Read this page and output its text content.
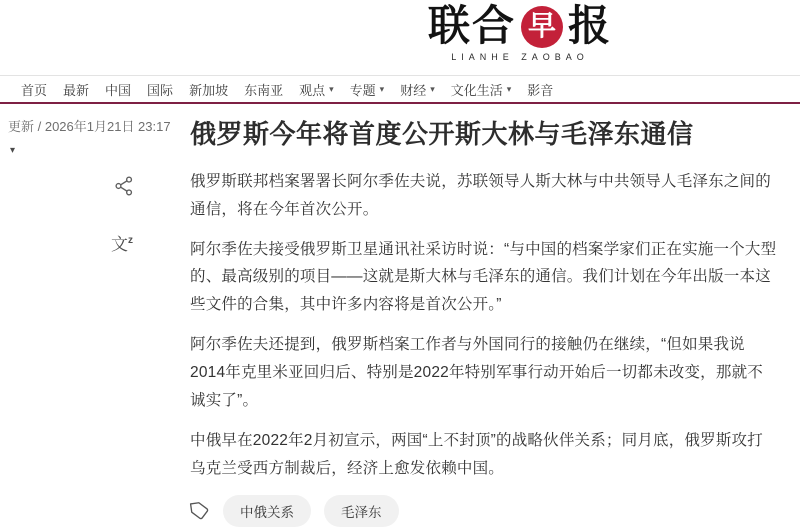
联合 早 报
LIANHE ZAOBAO
首页 最新 中国 国际 新加坡 东南亚 观点 ▾ 专题 ▾ 财经 ▾ 文化生活 ▾ 影音
更新 / 2026年1月21日 23:17
▾
文$^z$
俄罗斯今年将首度公开斯大林与毛泽东通信

俄罗斯联邦档案署署长阿尔季佐夫说，苏联领导人斯大林与中共领导人毛泽东之间的通信，将在今年首次公开。

阿尔季佐夫接受俄罗斯卫星通讯社采访时说：“与中国的档案学家们正在实施一个大型的、最高级别的项目——这就是斯大林与毛泽东的通信。我们计划在今年出版一本这些文件的合集，其中许多内容将是首次公开。”

阿尔季佐夫还提到，俄罗斯档案工作者与外国同行的接触仍在继续，“但如果我说2014年克里米亚回归后、特别是2022年特别军事行动开始后一切都未改变，那就不诚实了”。

中俄早在2022年2月初宣示，两国“上不封顶”的战略伙伴关系；同月底，俄罗斯攻打乌克兰受西方制裁后，经济上愈发依赖中国。

中俄关系	毛泽东
